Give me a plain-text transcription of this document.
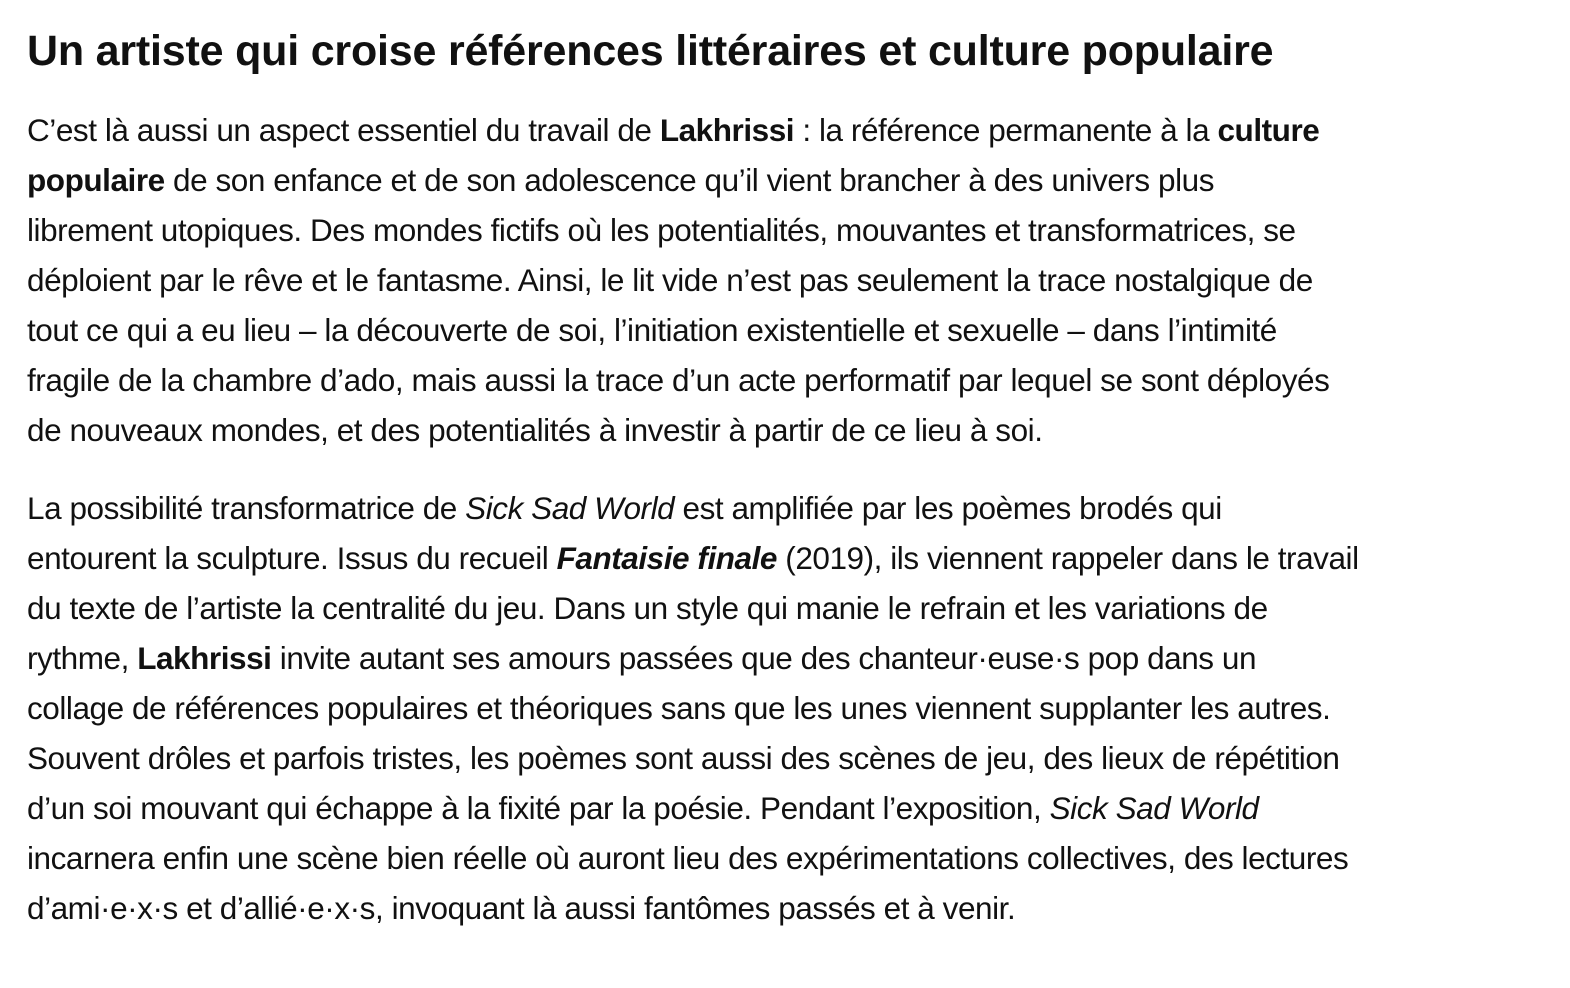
Un artiste qui croise références littéraires et culture populaire

C’est là aussi un aspect essentiel du travail de Lakhrissi : la référence permanente à la culture
populaire de son enfance et de son adolescence qu’il vient brancher à des univers plus
librement utopiques. Des mondes fictifs où les potentialités, mouvantes et transformatrices, se
déploient par le rêve et le fantasme. Ainsi, le lit vide n’est pas seulement la trace nostalgique de
tout ce qui a eu lieu – la découverte de soi, l’initiation existentielle et sexuelle – dans l’intimité
fragile de la chambre d’ado, mais aussi la trace d’un acte performatif par lequel se sont déployés
de nouveaux mondes, et des potentialités à investir à partir de ce lieu à soi.

La possibilité transformatrice de Sick Sad World est amplifiée par les poèmes brodés qui
entourent la sculpture. Issus du recueil Fantaisie finale (2019), ils viennent rappeler dans le travail
du texte de l’artiste la centralité du jeu. Dans un style qui manie le refrain et les variations de
rythme, Lakhrissi invite autant ses amours passées que des chanteur·euse·s pop dans un
collage de références populaires et théoriques sans que les unes viennent supplanter les autres.
Souvent drôles et parfois tristes, les poèmes sont aussi des scènes de jeu, des lieux de répétition
d’un soi mouvant qui échappe à la fixité par la poésie. Pendant l’exposition, Sick Sad World
incarnera enfin une scène bien réelle où auront lieu des expérimentations collectives, des lectures
d’ami·e·x·s et d’allié·e·x·s, invoquant là aussi fantômes passés et à venir.
